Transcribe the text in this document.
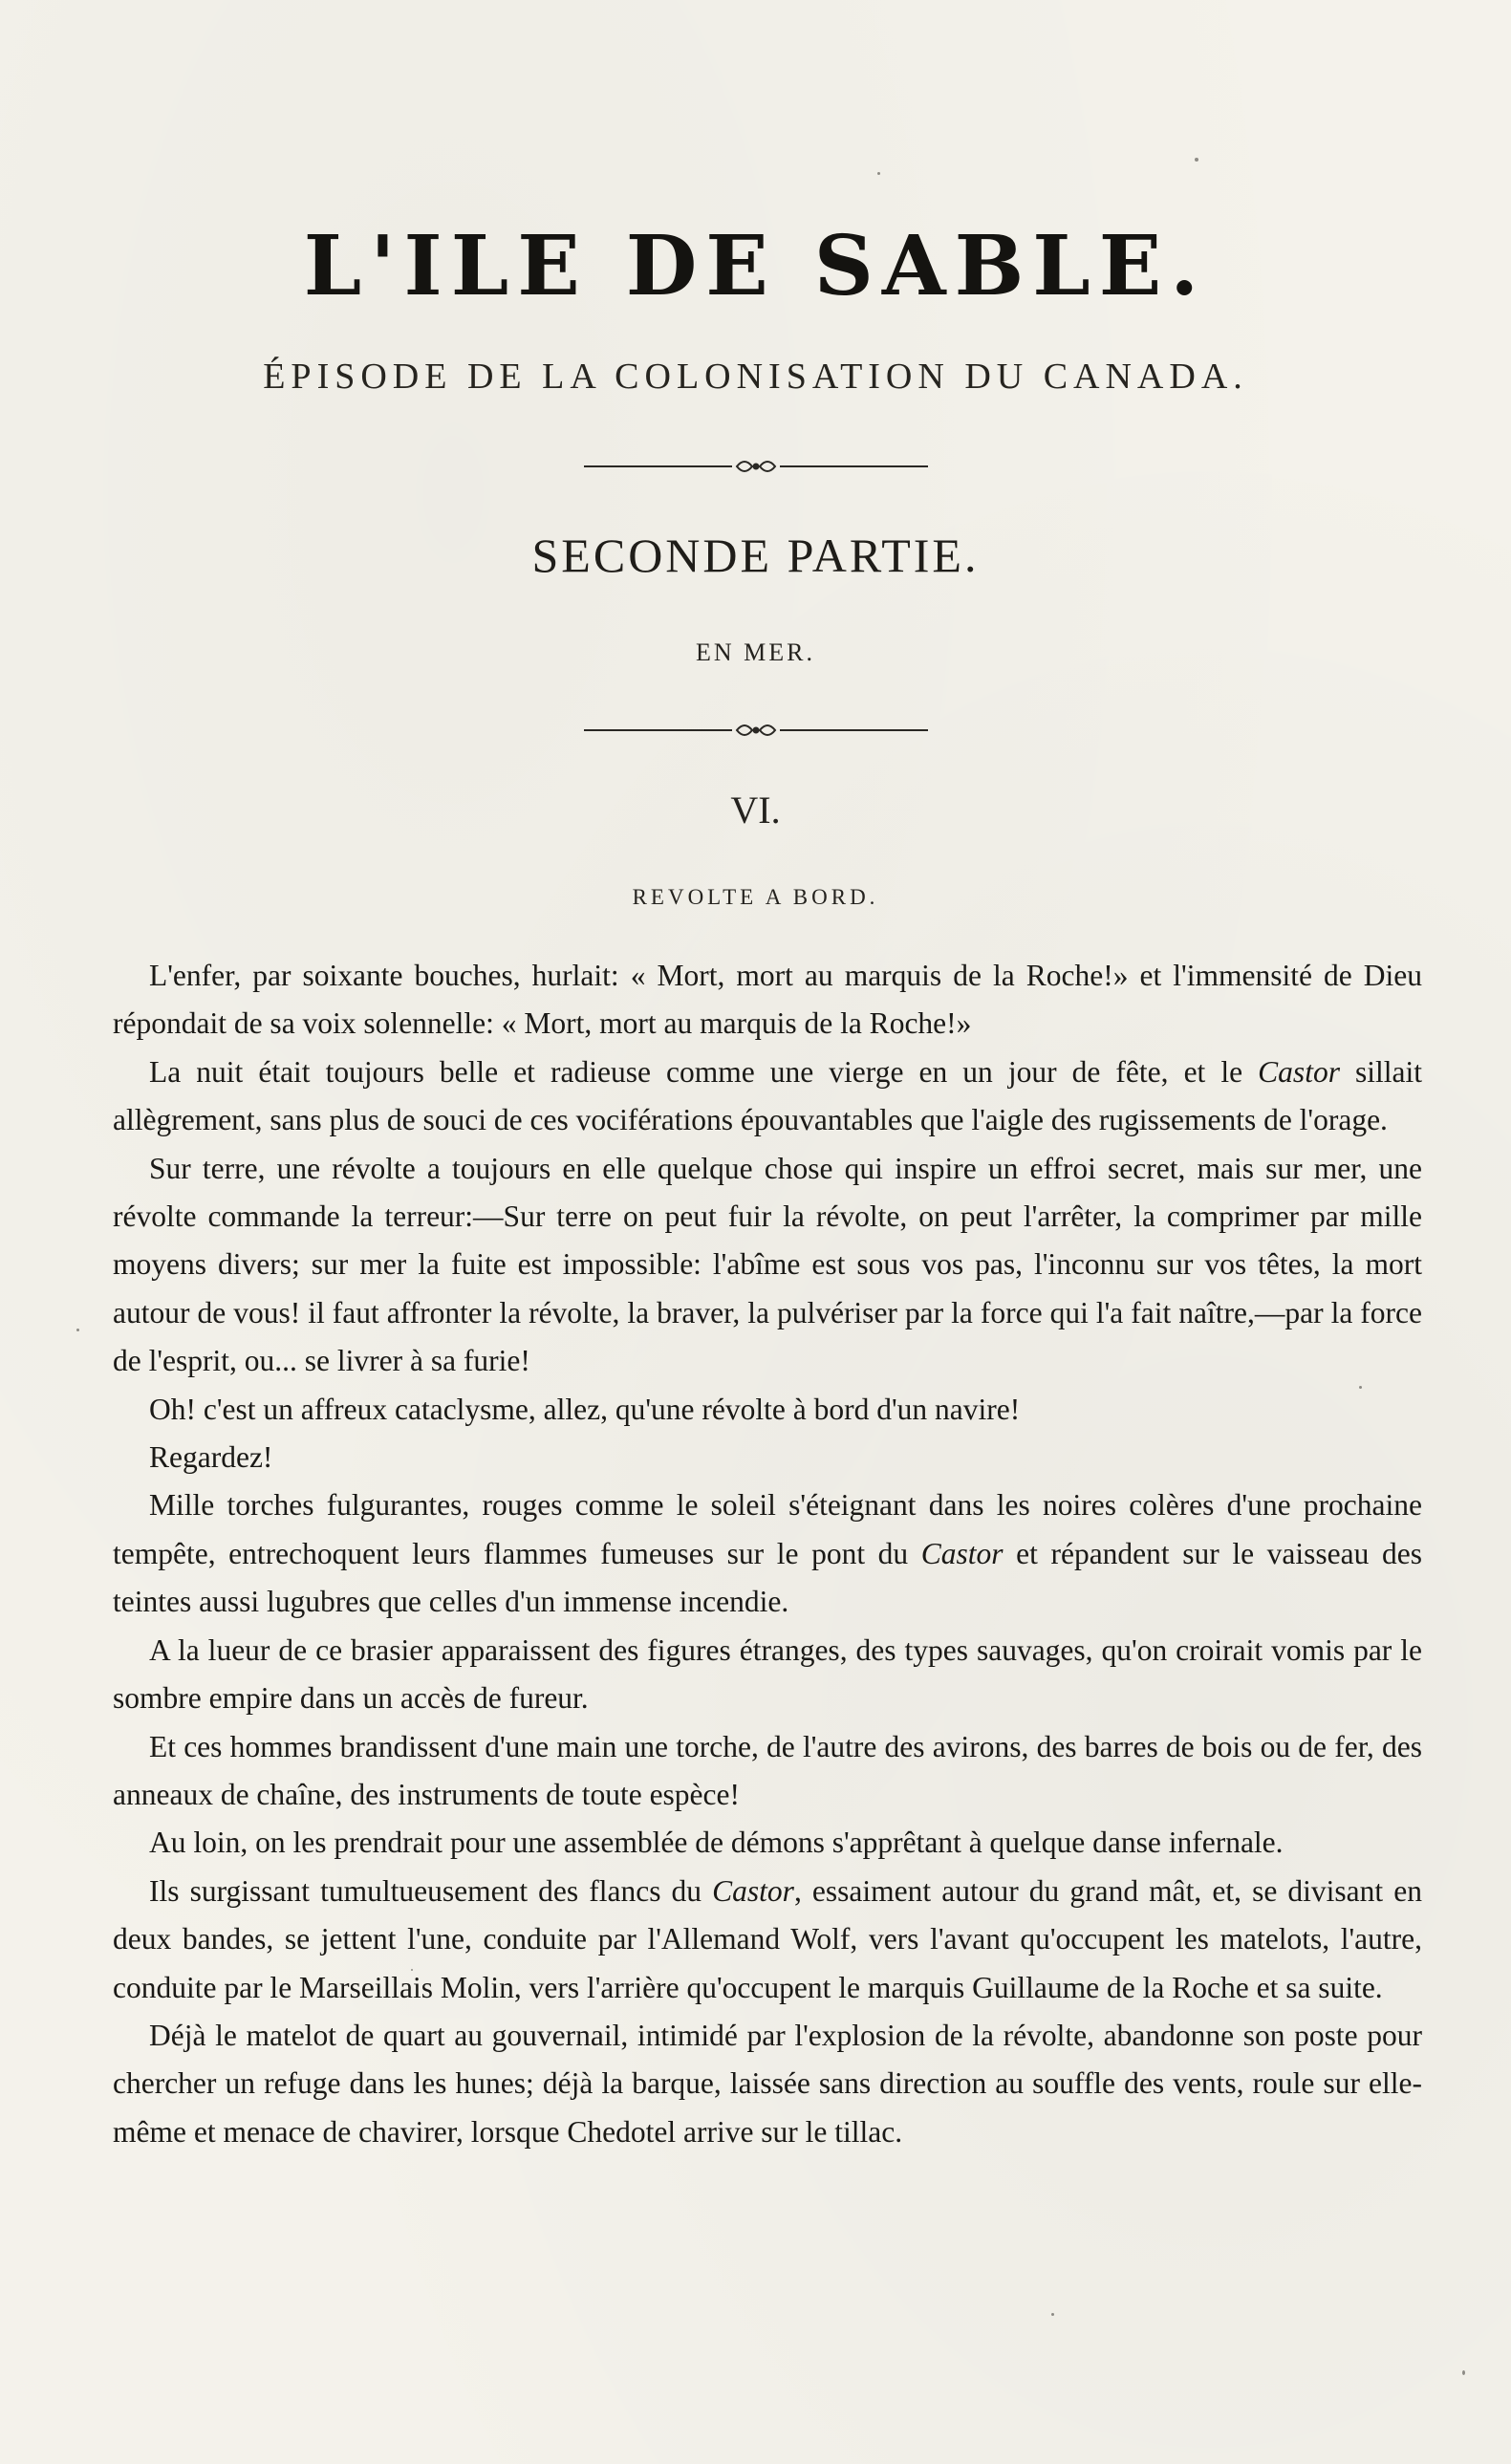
L'ILE DE SABLE.
ÉPISODE DE LA COLONISATION DU CANADA.
SECONDE PARTIE.
EN MER.
VI.
REVOLTE A BORD.

L'enfer, par soixante bouches, hurlait: « Mort, mort au marquis de la Roche!» et l'immensité de Dieu répondait de sa voix solennelle: « Mort, mort au marquis de la Roche!»

La nuit était toujours belle et radieuse comme une vierge en un jour de fête, et le Castor sillait allègrement, sans plus de souci de ces vociférations épouvantables que l'aigle des rugissements de l'orage.

Sur terre, une révolte a toujours en elle quelque chose qui inspire un effroi secret, mais sur mer, une révolte commande la terreur:—Sur terre on peut fuir la révolte, on peut l'arrêter, la comprimer par mille moyens divers; sur mer la fuite est impossible: l'abîme est sous vos pas, l'inconnu sur vos têtes, la mort autour de vous! il faut affronter la révolte, la braver, la pulvériser par la force qui l'a fait naître,—par la force de l'esprit, ou... se livrer à sa furie!

Oh! c'est un affreux cataclysme, allez, qu'une révolte à bord d'un navire!

Regardez!

Mille torches fulgurantes, rouges comme le soleil s'éteignant dans les noires colères d'une prochaine tempête, entrechoquent leurs flammes fumeuses sur le pont du Castor et répandent sur le vaisseau des teintes aussi lugubres que celles d'un immense incendie.

A la lueur de ce brasier apparaissent des figures étranges, des types sauvages, qu'on croirait vomis par le sombre empire dans un accès de fureur.

Et ces hommes brandissent d'une main une torche, de l'autre des avirons, des barres de bois ou de fer, des anneaux de chaîne, des instruments de toute espèce!

Au loin, on les prendrait pour une assemblée de démons s'apprêtant à quelque danse infernale.

Ils surgissant tumultueusement des flancs du Castor, essaiment autour du grand mât, et, se divisant en deux bandes, se jettent l'une, conduite par l'Allemand Wolf, vers l'avant qu'occupent les matelots, l'autre, conduite par le Marseillais Molin, vers l'arrière qu'occupent le marquis Guillaume de la Roche et sa suite.

Déjà le matelot de quart au gouvernail, intimidé par l'explosion de la révolte, abandonne son poste pour chercher un refuge dans les hunes; déjà la barque, laissée sans direction au souffle des vents, roule sur elle-même et menace de chavirer, lorsque Chedotel arrive sur le tillac.
